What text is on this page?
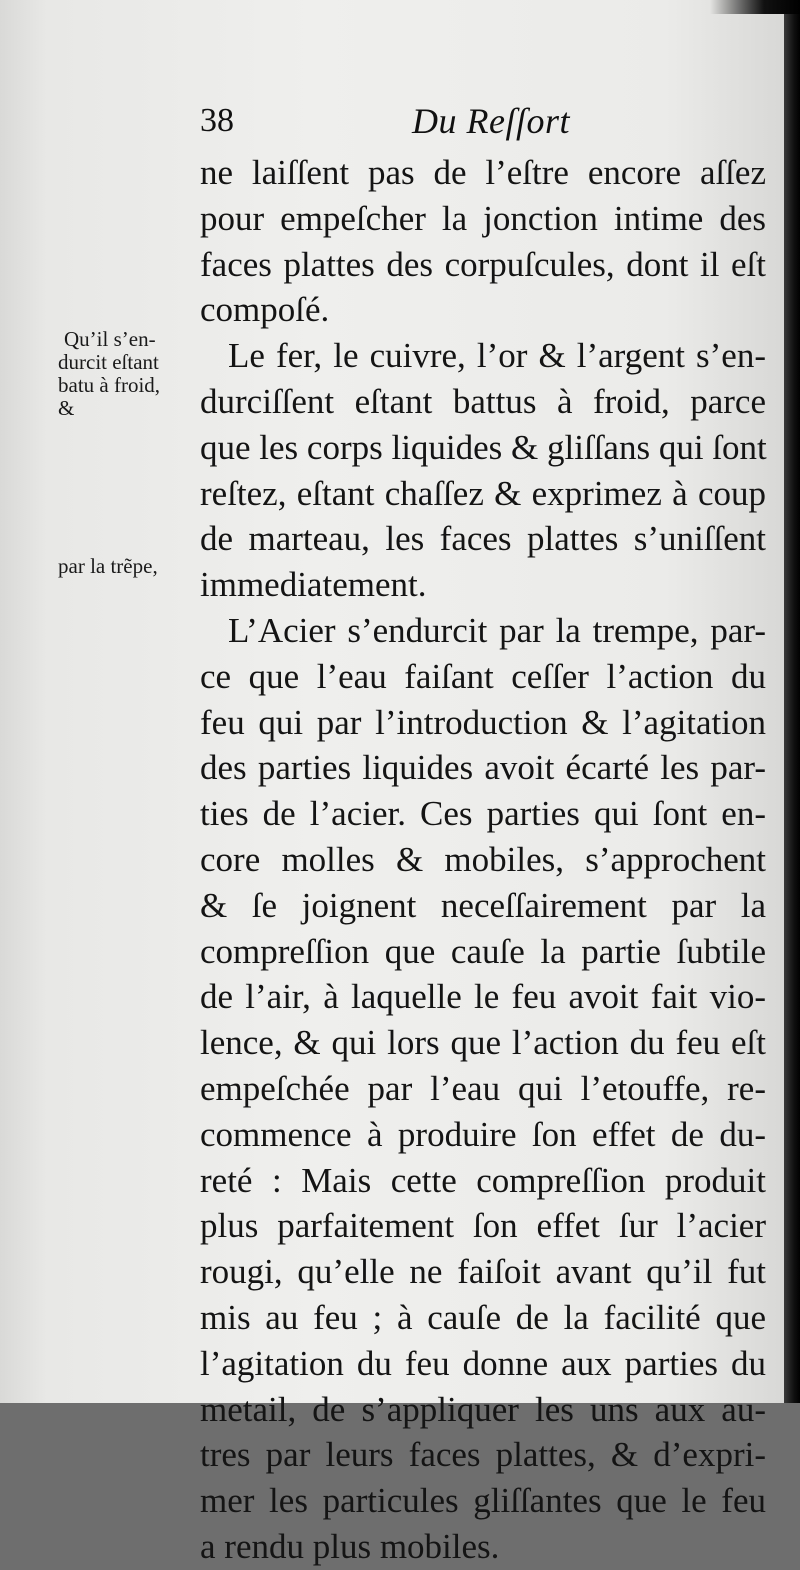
38	Du Reſſort
ne laiſſent pas de l’eſtre encore aſſez
pour empeſcher la jonction intime des
faces plattes des corpuſcules, dont il eſt
compoſé.
Le fer, le cuivre, l’or & l’argent s’en-
durciſſent eſtant battus à froid, parce
que les corps liquides & gliſſans qui ſont
reſtez, eſtant chaſſez & exprimez à coup
de marteau, les faces plattes s’uniſſent
immediatement.
L’Acier s’endurcit par la trempe, par-
ce que l’eau faiſant ceſſer l’action du
feu qui par l’introduction & l’agitation
des parties liquides avoit écarté les par-
ties de l’acier. Ces parties qui ſont en-
core molles & mobiles, s’approchent
& ſe joignent neceſſairement par la
compreſſion que cauſe la partie ſubtile
de l’air, à laquelle le feu avoit fait vio-
lence, & qui lors que l’action du feu eſt
empeſchée par l’eau qui l’etouffe, re-
commence à produire ſon effet de du-
reté : Mais cette compreſſion produit
plus parfaitement ſon effet ſur l’acier
rougi, qu’elle ne faiſoit avant qu’il fut
mis au feu ; à cauſe de la facilité que
l’agitation du feu donne aux parties du
metail, de s’appliquer les uns aux au-
tres par leurs faces plattes, & d’expri-
mer les particules gliſſantes que le feu
a rendu plus mobiles.
Qu’il s’en-
durcit eſtant
batu à froid,
&
par la trẽpe,
